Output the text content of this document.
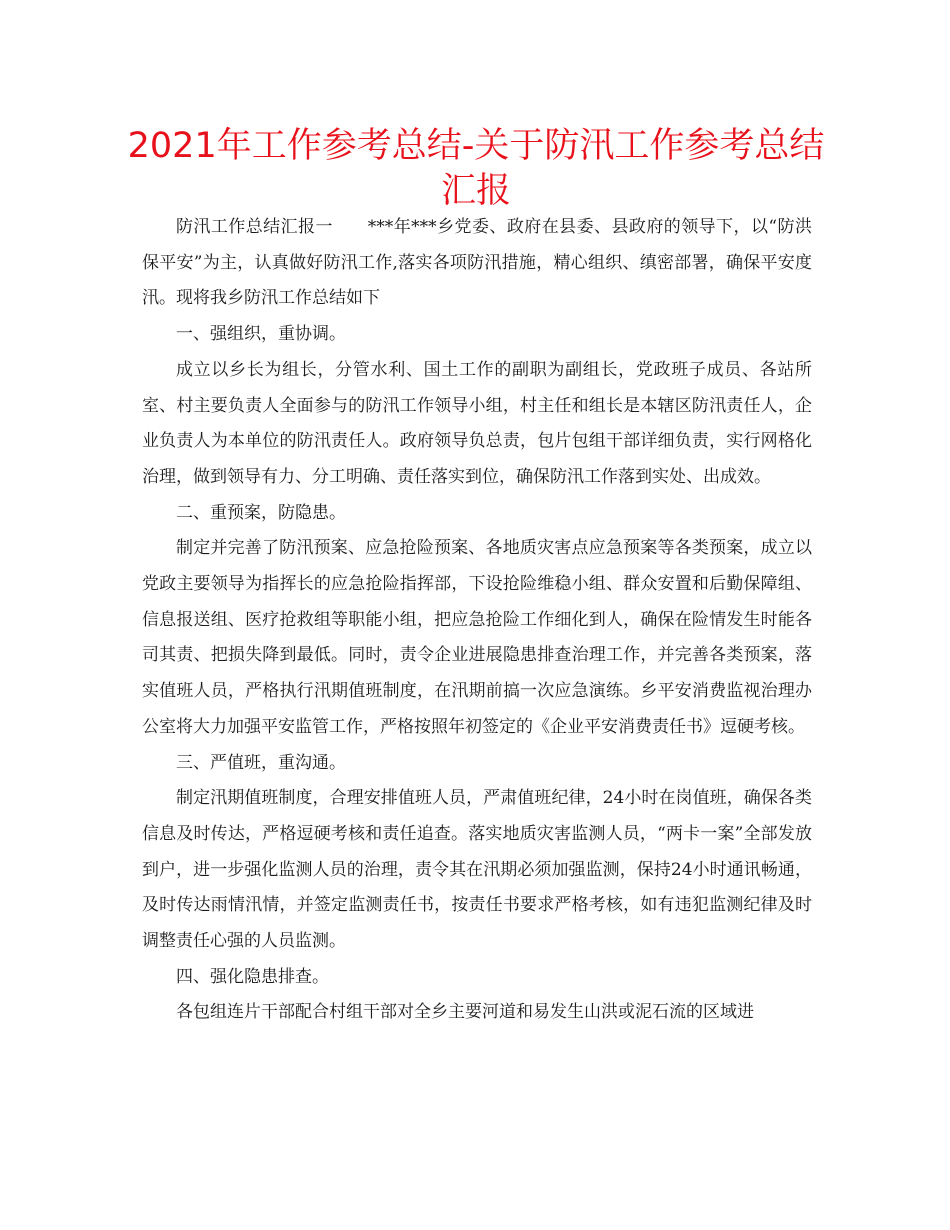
2021年工作参考总结-关于防汛工作参考总结汇报

防汛工作总结汇报一　　***年***乡党委、政府在县委、县政府的领导下，以“防洪保平安”为主，认真做好防汛工作,落实各项防汛措施，精心组织、缜密部署，确保平安度汛。现将我乡防汛工作总结如下

一、强组织，重协调。

成立以乡长为组长，分管水利、国土工作的副职为副组长，党政班子成员、各站所室、村主要负责人全面参与的防汛工作领导小组，村主任和组长是本辖区防汛责任人，企业负责人为本单位的防汛责任人。政府领导负总责，包片包组干部详细负责，实行网格化治理，做到领导有力、分工明确、责任落实到位，确保防汛工作落到实处、出成效。

二、重预案，防隐患。

制定并完善了防汛预案、应急抢险预案、各地质灾害点应急预案等各类预案，成立以党政主要领导为指挥长的应急抢险指挥部，下设抢险维稳小组、群众安置和后勤保障组、信息报送组、医疗抢救组等职能小组，把应急抢险工作细化到人，确保在险情发生时能各司其责、把损失降到最低。同时，责令企业进展隐患排查治理工作，并完善各类预案，落实值班人员，严格执行汛期值班制度，在汛期前搞一次应急演练。乡平安消费监视治理办公室将大力加强平安监管工作，严格按照年初签定的《企业平安消费责任书》逗硬考核。

三、严值班，重沟通。

制定汛期值班制度，合理安排值班人员，严肃值班纪律，24小时在岗值班，确保各类信息及时传达，严格逗硬考核和责任追查。落实地质灾害监测人员，“两卡一案”全部发放到户，进一步强化监测人员的治理，责令其在汛期必须加强监测，保持24小时通讯畅通，及时传达雨情汛情，并签定监测责任书，按责任书要求严格考核，如有违犯监测纪律及时调整责任心强的人员监测。

四、强化隐患排查。

各包组连片干部配合村组干部对全乡主要河道和易发生山洪或泥石流的区域进
